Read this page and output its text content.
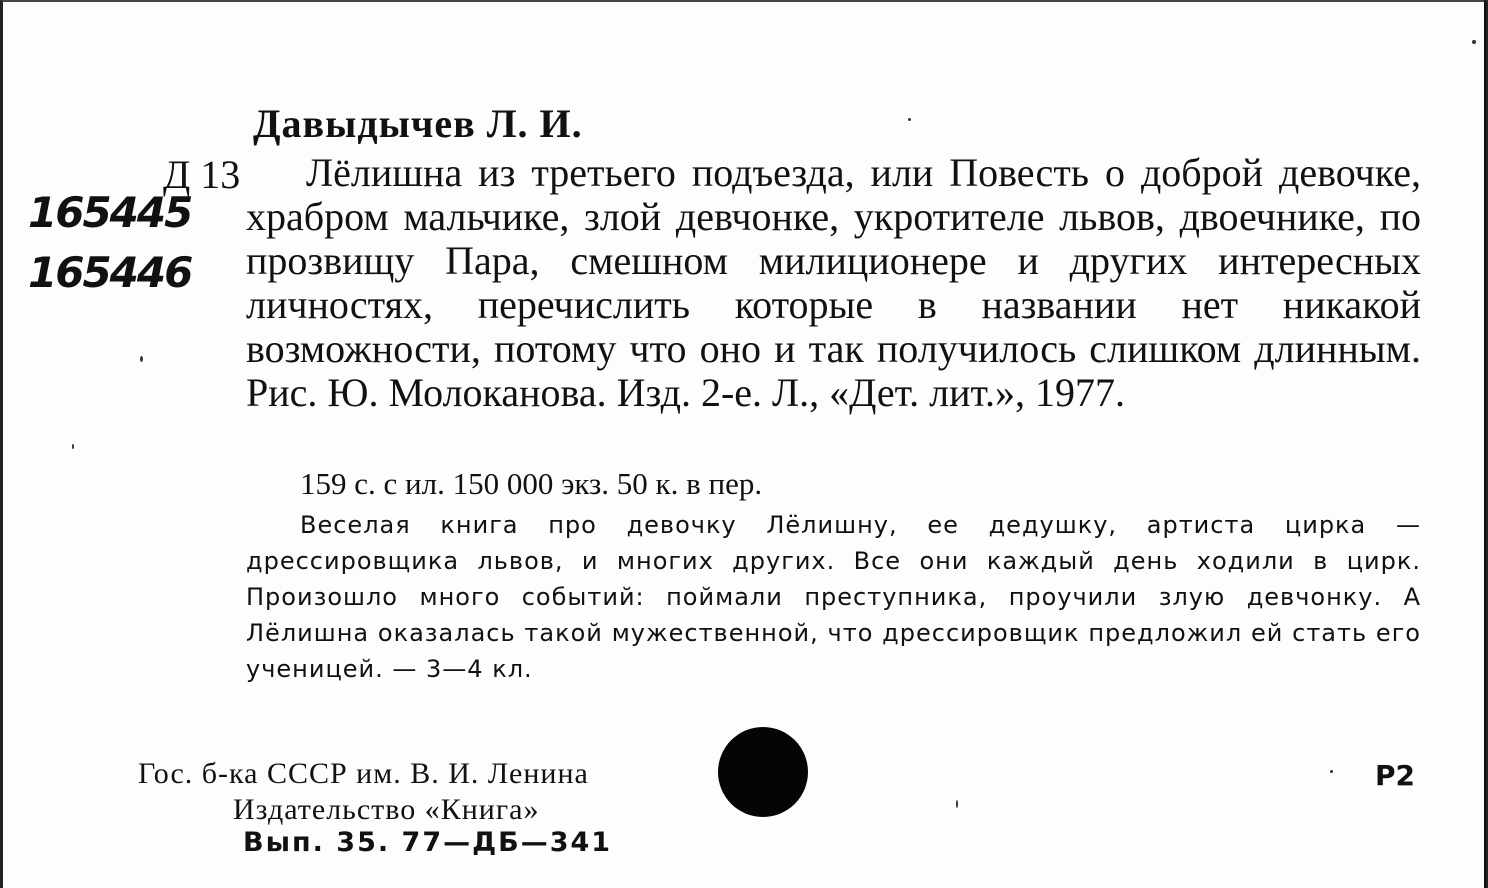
Давыдычев Л. И.
Д 13
165445
165446
Лёлишна из третьего подъезда, или Повесть о доброй девочке, храбром мальчике, злой девчонке, укротителе львов, двоечнике, по прозвищу Пара, смешном милиционере и других интересных личностях, перечислить которые в названии нет никакой возможности, потому что оно и так получилось слишком длинным. Рис. Ю. Молоканова. Изд. 2-е. Л., «Дет. лит.», 1977.
159 с. с ил. 150 000 экз. 50 к. в пер.
Веселая книга про девочку Лёлишну, ее дедушку, артиста цирка — дрессировщика львов, и многих других. Все они каждый день ходили в цирк. Произошло много событий: поймали преступника, проучили злую девчонку. А Лёлишна оказалась такой мужественной, что дрессировщик предложил ей стать его ученицей. — 3—4 кл.
Гос. б-ка СССР им. В. И. Ленина
Издательство «Книга»
Вып. 35. 77—ДБ—341
Р2
